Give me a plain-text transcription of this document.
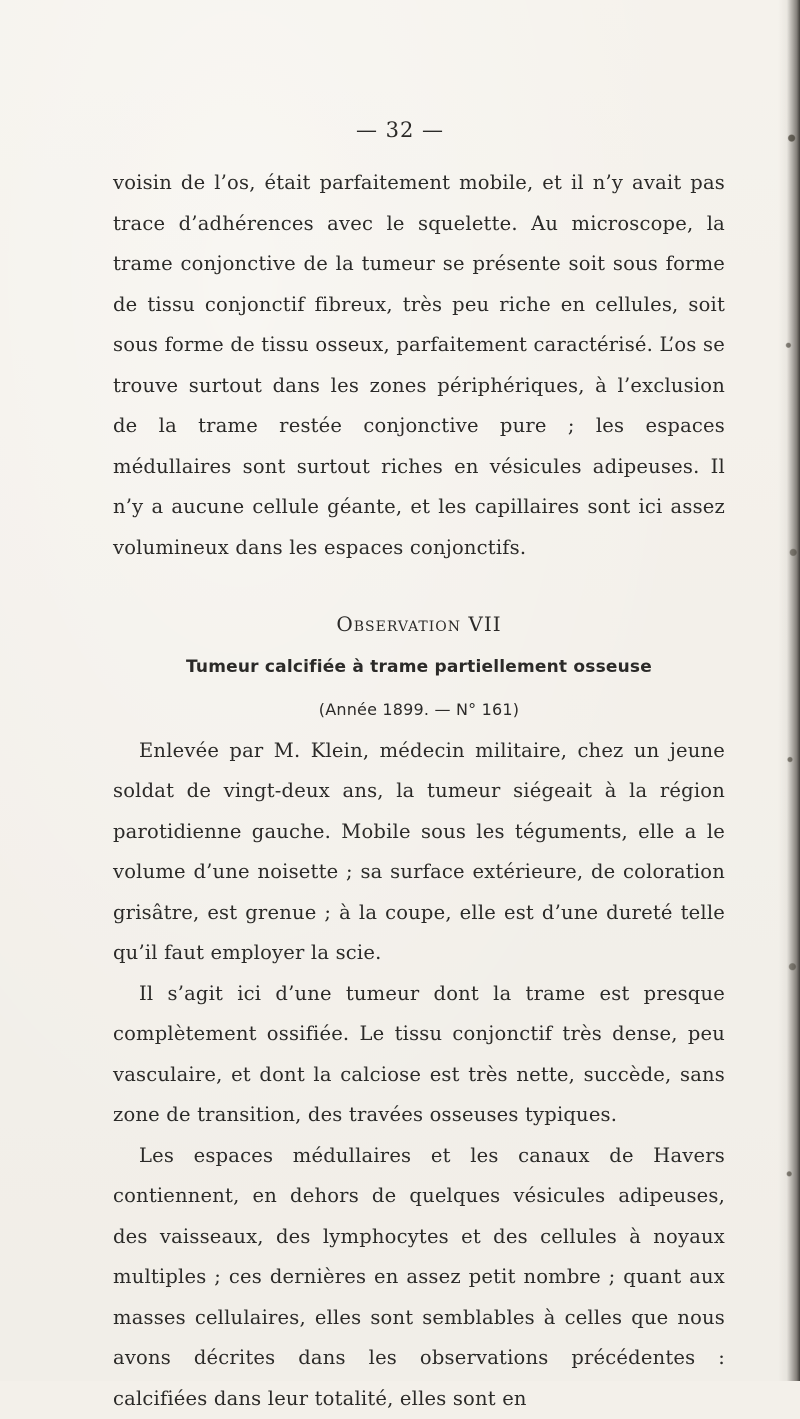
— 32 —

voisin de l’os, était parfaitement mobile, et il n’y avait pas trace d’adhérences avec le squelette. Au microscope, la trame conjonctive de la tumeur se présente soit sous forme de tissu conjonctif fibreux, très peu riche en cellules, soit sous forme de tissu osseux, parfaitement caractérisé. L’os se trouve surtout dans les zones périphériques, à l’exclusion de la trame restée conjonctive pure ; les espaces médullaires sont surtout riches en vésicules adipeuses. Il n’y a aucune cellule géante, et les capillaires sont ici assez volumineux dans les espaces conjonctifs.

Observation VII
Tumeur calcifiée à trame partiellement osseuse
(Année 1899. — N° 161)

Enlevée par M. Klein, médecin militaire, chez un jeune soldat de vingt-deux ans, la tumeur siégeait à la région parotidienne gauche. Mobile sous les téguments, elle a le volume d’une noisette ; sa surface extérieure, de coloration grisâtre, est grenue ; à la coupe, elle est d’une dureté telle qu’il faut employer la scie.

Il s’agit ici d’une tumeur dont la trame est presque complètement ossifiée. Le tissu conjonctif très dense, peu vasculaire, et dont la calciose est très nette, succède, sans zone de transition, des travées osseuses typiques.

Les espaces médullaires et les canaux de Havers contiennent, en dehors de quelques vésicules adipeuses, des vaisseaux, des lymphocytes et des cellules à noyaux multiples ; ces dernières en assez petit nombre ; quant aux masses cellulaires, elles sont semblables à celles que nous avons décrites dans les observations précédentes : calcifiées dans leur totalité, elles sont en
